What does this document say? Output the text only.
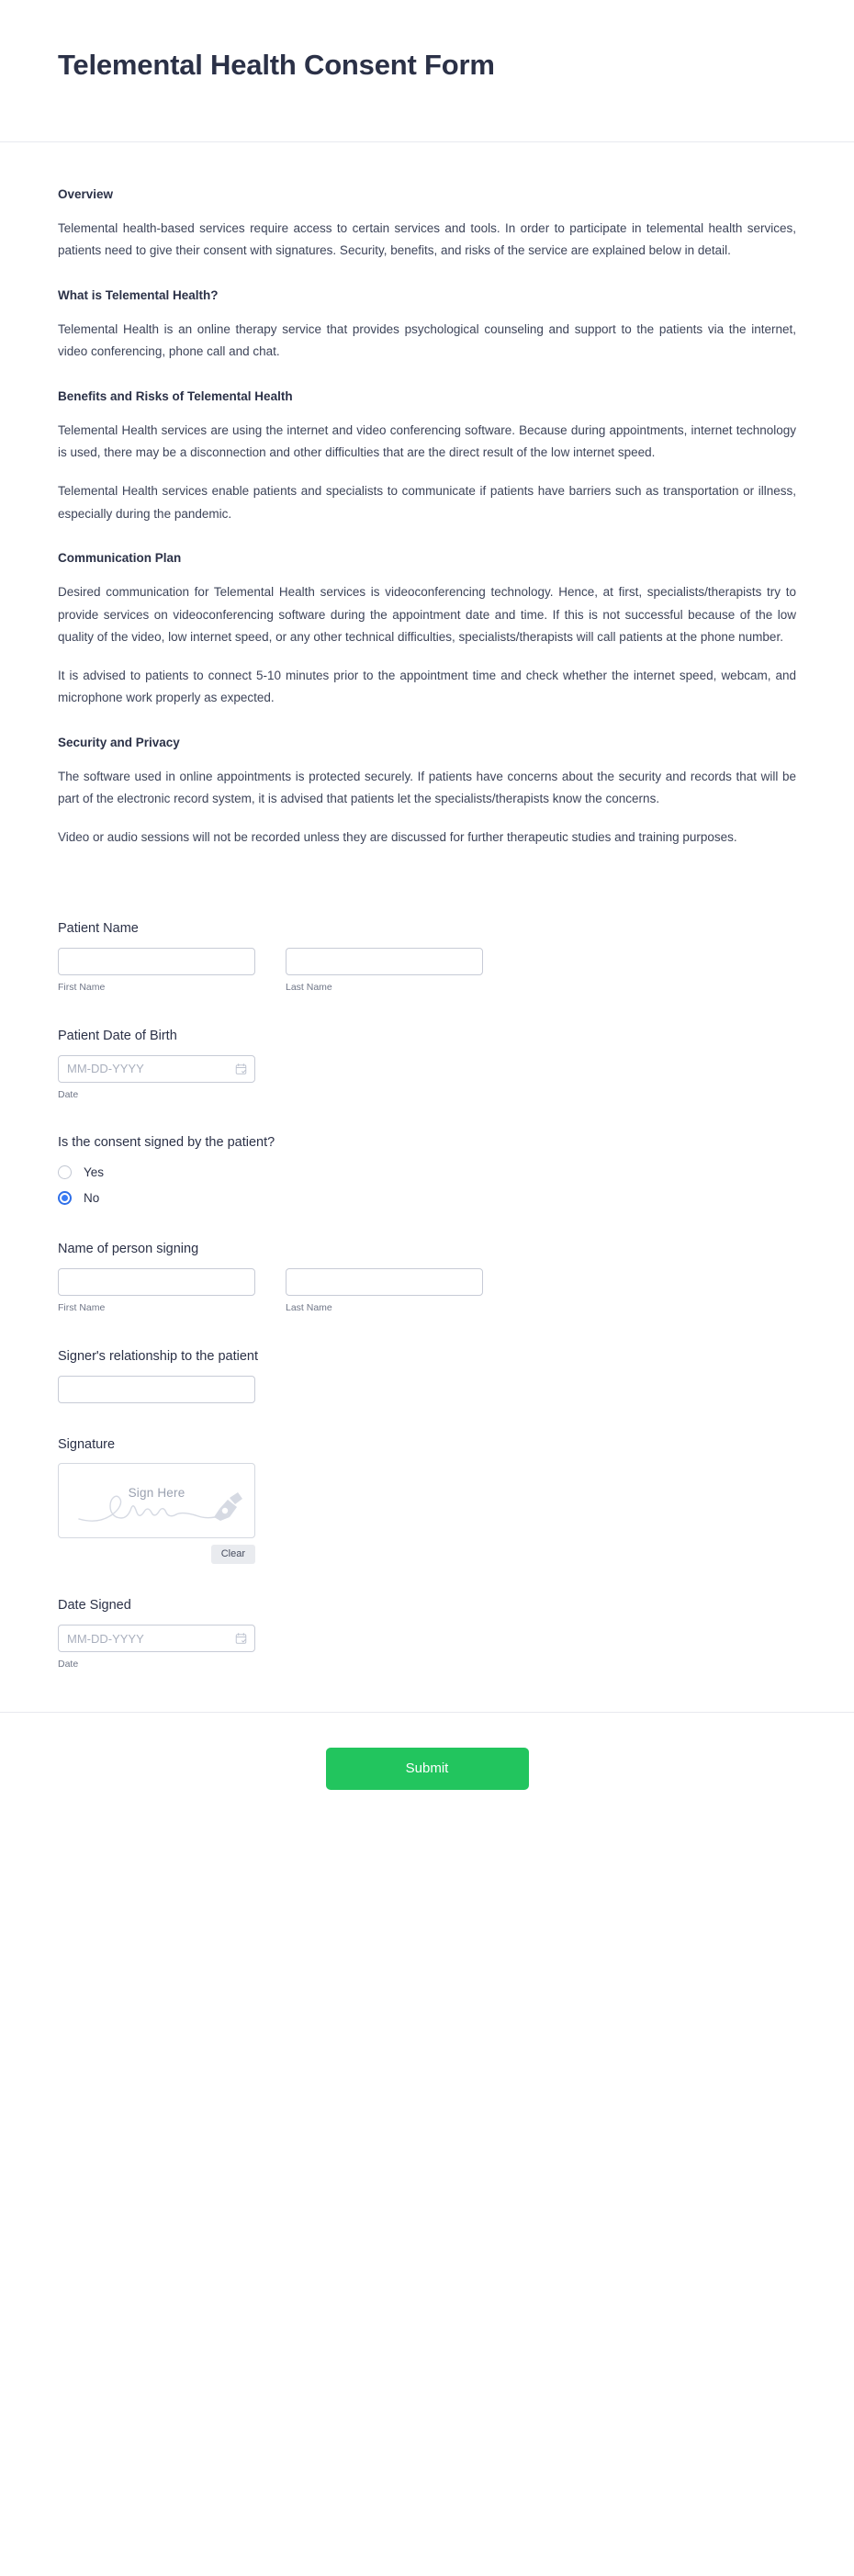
Telemental Health Consent Form

Overview

Telemental health-based services require access to certain services and tools. In order to participate in telemental health services, patients need to give their consent with signatures. Security, benefits, and risks of the service are explained below in detail.

What is Telemental Health?

Telemental Health is an online therapy service that provides psychological counseling and support to the patients via the internet, video conferencing, phone call and chat.

Benefits and Risks of Telemental Health

Telemental Health services are using the internet and video conferencing software. Because during appointments, internet technology is used, there may be a disconnection and other difficulties that are the direct result of the low internet speed.

Telemental Health services enable patients and specialists to communicate if patients have barriers such as transportation or illness, especially during the pandemic.

Communication Plan

Desired communication for Telemental Health services is videoconferencing technology. Hence, at first, specialists/therapists try to provide services on videoconferencing software during the appointment date and time. If this is not successful because of the low quality of the video, low internet speed, or any other technical difficulties, specialists/therapists will call patients at the phone number.

It is advised to patients to connect 5-10 minutes prior to the appointment time and check whether the internet speed, webcam, and microphone work properly as expected.

Security and Privacy

The software used in online appointments is protected securely. If patients have concerns about the security and records that will be part of the electronic record system, it is advised that patients let the specialists/therapists know the concerns.

Video or audio sessions will not be recorded unless they are discussed for further therapeutic studies and training purposes.

Patient Name
First Name	Last Name
Patient Date of Birth
MM-DD-YYYY
Date
Is the consent signed by the patient?
Yes
No
Name of person signing
First Name	Last Name
Signer's relationship to the patient
Signature
Sign Here
Clear
Date Signed
MM-DD-YYYY
Date
Submit
